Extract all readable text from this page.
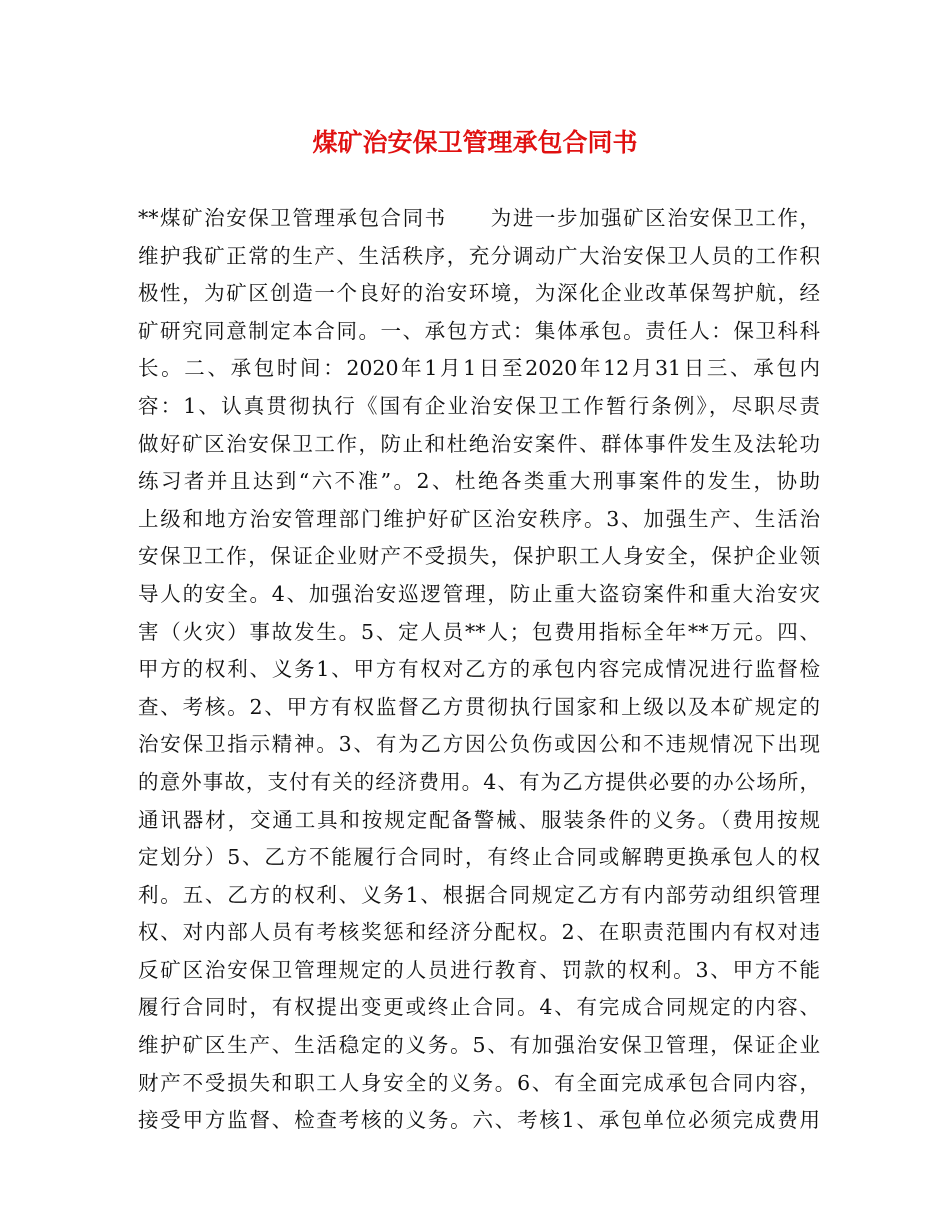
煤矿治安保卫管理承包合同书
**煤矿治安保卫管理承包合同书　　为进一步加强矿区治安保卫工作，
维护我矿正常的生产、生活秩序，充分调动广大治安保卫人员的工作积
极性，为矿区创造一个良好的治安环境，为深化企业改革保驾护航，经
矿研究同意制定本合同。一、承包方式：集体承包。责任人：保卫科科
长。二、承包时间：2020年1月1日至2020年12月31日三、承包内
容：1、认真贯彻执行《国有企业治安保卫工作暂行条例》，尽职尽责
做好矿区治安保卫工作，防止和杜绝治安案件、群体事件发生及法轮功
练习者并且达到“六不准”。2、杜绝各类重大刑事案件的发生，协助
上级和地方治安管理部门维护好矿区治安秩序。3、加强生产、生活治
安保卫工作，保证企业财产不受损失，保护职工人身安全，保护企业领
导人的安全。4、加强治安巡逻管理，防止重大盗窃案件和重大治安灾
害（火灾）事故发生。5、定人员**人；包费用指标全年**万元。四、
甲方的权利、义务1、甲方有权对乙方的承包内容完成情况进行监督检
查、考核。2、甲方有权监督乙方贯彻执行国家和上级以及本矿规定的
治安保卫指示精神。3、有为乙方因公负伤或因公和不违规情况下出现
的意外事故，支付有关的经济费用。4、有为乙方提供必要的办公场所，
通讯器材，交通工具和按规定配备警械、服装条件的义务。（费用按规
定划分）5、乙方不能履行合同时，有终止合同或解聘更换承包人的权
利。五、乙方的权利、义务1、根据合同规定乙方有内部劳动组织管理
权、对内部人员有考核奖惩和经济分配权。2、在职责范围内有权对违
反矿区治安保卫管理规定的人员进行教育、罚款的权利。3、甲方不能
履行合同时，有权提出变更或终止合同。4、有完成合同规定的内容、
维护矿区生产、生活稳定的义务。5、有加强治安保卫管理，保证企业
财产不受损失和职工人身安全的义务。6、有全面完成承包合同内容，
接受甲方监督、检查考核的义务。六、考核1、承包单位必须完成费用
